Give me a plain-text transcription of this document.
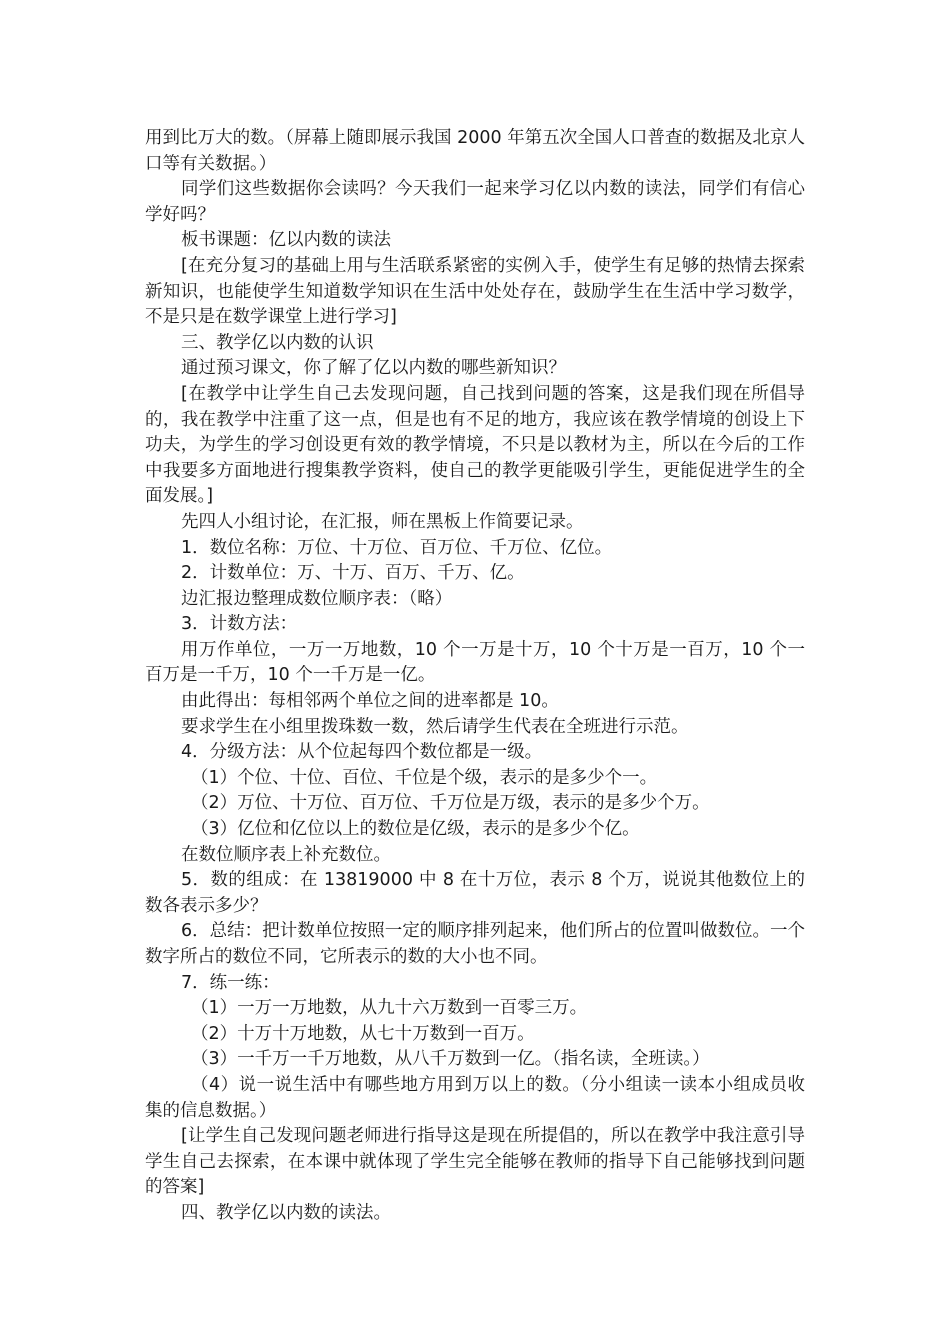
用到比万大的数。（屏幕上随即展示我国 2000 年第五次全国人口普查的数据及北京人口等有关数据。）

同学们这些数据你会读吗？今天我们一起来学习亿以内数的读法，同学们有信心学好吗？

板书课题：亿以内数的读法

[在充分复习的基础上用与生活联系紧密的实例入手，使学生有足够的热情去探索新知识，也能使学生知道数学知识在生活中处处存在，鼓励学生在生活中学习数学，不是只是在数学课堂上进行学习]

三、教学亿以内数的认识

通过预习课文，你了解了亿以内数的哪些新知识？

[在教学中让学生自己去发现问题，自己找到问题的答案，这是我们现在所倡导的，我在教学中注重了这一点，但是也有不足的地方，我应该在教学情境的创设上下功夫，为学生的学习创设更有效的教学情境，不只是以教材为主，所以在今后的工作中我要多方面地进行搜集教学资料，使自己的教学更能吸引学生，更能促进学生的全面发展。]

先四人小组讨论，在汇报，师在黑板上作简要记录。

1．数位名称：万位、十万位、百万位、千万位、亿位。

2．计数单位：万、十万、百万、千万、亿。

边汇报边整理成数位顺序表：（略）

3．计数方法：

用万作单位，一万一万地数，10 个一万是十万，10 个十万是一百万，10 个一百万是一千万，10 个一千万是一亿。

由此得出：每相邻两个单位之间的进率都是 10。

要求学生在小组里拨珠数一数，然后请学生代表在全班进行示范。

4．分级方法：从个位起每四个数位都是一级。

（1）个位、十位、百位、千位是个级，表示的是多少个一。

（2）万位、十万位、百万位、千万位是万级，表示的是多少个万。

（3）亿位和亿位以上的数位是亿级，表示的是多少个亿。

在数位顺序表上补充数位。

5．数的组成：在 13819000 中 8 在十万位，表示 8 个万，说说其他数位上的数各表示多少？

6．总结：把计数单位按照一定的顺序排列起来，他们所占的位置叫做数位。一个数字所占的数位不同，它所表示的数的大小也不同。

7．练一练：

（1）一万一万地数，从九十六万数到一百零三万。

（2）十万十万地数，从七十万数到一百万。

（3）一千万一千万地数，从八千万数到一亿。（指名读，全班读。）

（4）说一说生活中有哪些地方用到万以上的数。（分小组读一读本小组成员收集的信息数据。）

[让学生自己发现问题老师进行指导这是现在所提倡的，所以在教学中我注意引导学生自己去探索，在本课中就体现了学生完全能够在教师的指导下自己能够找到问题的答案]

四、教学亿以内数的读法。
